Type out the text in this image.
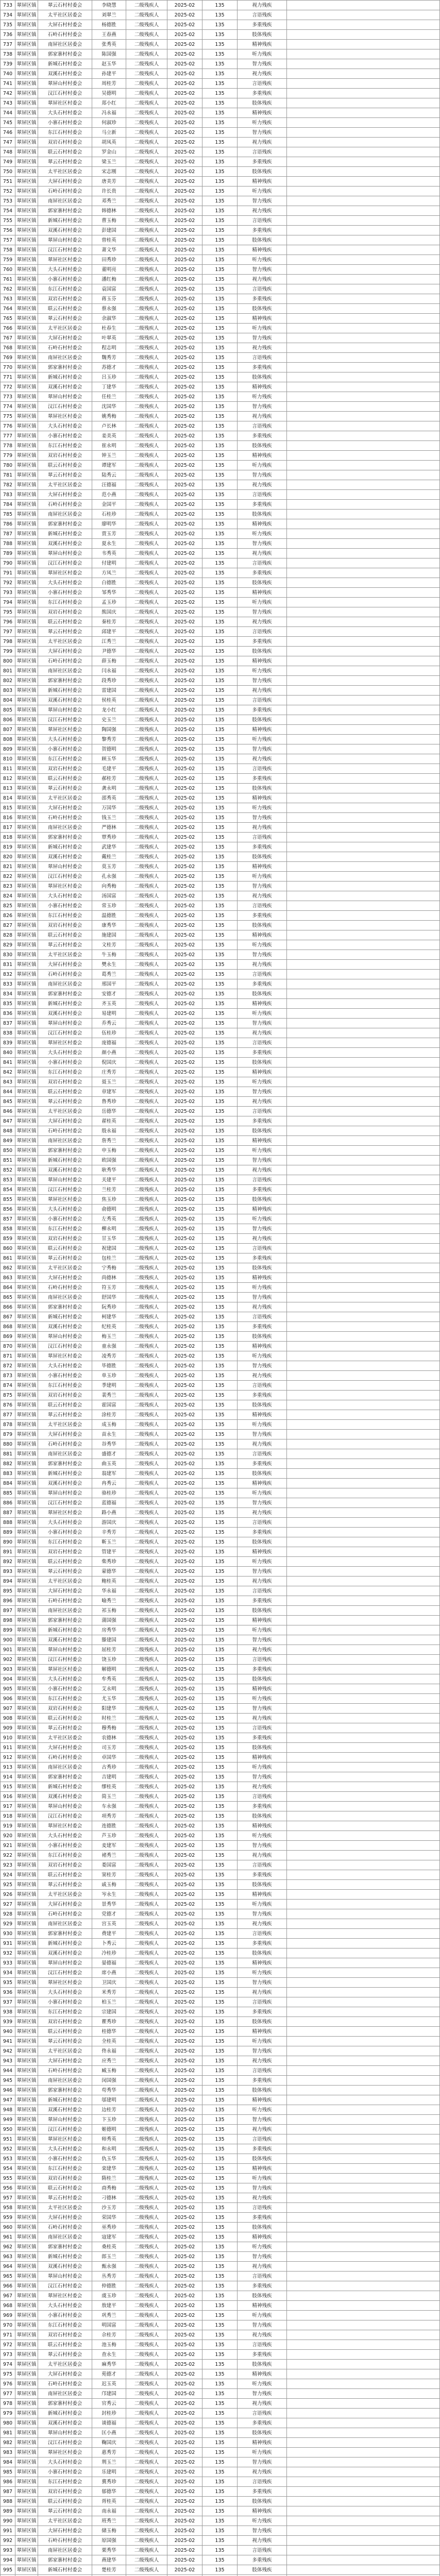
733	翠屏区镇	翠云石村村委会	李晓慧	二级残疾人	2025-02	135	视力残疾	
734	翠屏区镇	太平社区居委会	刘翠兰	二级残疾人	2025-02	135	言语残疾	
735	翠屏区镇	大屏石村村委会	杨德胜	二级残疾人	2025-02	135	多重残疾	
736	翠屏区镇	石岭石村村委会	王春燕	二级残疾人	2025-02	135	肢体残疾	
737	翠屏区镇	南屏社区居委会	张秀英	二级残疾人	2025-02	135	精神残疾	
738	翠屏区镇	郭家寨村村委会	陈国强	二级残疾人	2025-02	135	听力残疾	
739	翠屏区镇	新城石村村委会	赵玉华	二级残疾人	2025-02	135	智力残疾	
740	翠屏区镇	双溪石村村委会	孙建平	二级残疾人	2025-02	135	视力残疾	
741	翠屏区镇	翠屏山村村委会	周桂芳	二级残疾人	2025-02	135	言语残疾	
742	翠屏区镇	汉江石村村委会	吴德明	二级残疾人	2025-02	135	多重残疾	
743	翠屏区镇	翠屏社区村委会	郑小红	二级残疾人	2025-02	135	肢体残疾	
744	翠屏区镇	大头石村村委会	冯永福	二级残疾人	2025-02	135	精神残疾	
745	翠屏区镇	小寨石村村委会	何淑珍	二级残疾人	2025-02	135	听力残疾	
746	翠屏区镇	东江石村村委会	马立新	二级残疾人	2025-02	135	智力残疾	
747	翠屏区镇	双岩石村村委会	胡凤英	二级残疾人	2025-02	135	视力残疾	
748	翠屏区镇	联云石村村委会	罗金山	二级残疾人	2025-02	135	言语残疾	
749	翠屏区镇	翠云石村村委会	梁玉兰	二级残疾人	2025-02	135	多重残疾	
750	翠屏区镇	太平社区居委会	宋志刚	二级残疾人	2025-02	135	肢体残疾	
751	翠屏区镇	大屏石村村委会	唐美芳	二级残疾人	2025-02	135	精神残疾	
752	翠屏区镇	石岭石村村委会	许长贵	二级残疾人	2025-02	135	听力残疾	
753	翠屏区镇	南屏社区居委会	邓秀兰	二级残疾人	2025-02	135	智力残疾	
754	翠屏区镇	郭家寨村村委会	韩德林	二级残疾人	2025-02	135	视力残疾	
755	翠屏区镇	新城石村村委会	曹玉梅	二级残疾人	2025-02	135	言语残疾	
756	翠屏区镇	双溪石村村委会	彭建国	二级残疾人	2025-02	135	多重残疾	
757	翠屏区镇	翠屏山村村委会	曾桂英	二级残疾人	2025-02	135	肢体残疾	
758	翠屏区镇	汉江石村村委会	萧文华	二级残疾人	2025-02	135	精神残疾	
759	翠屏区镇	翠屏社区村委会	田秀珍	二级残疾人	2025-02	135	听力残疾	
760	翠屏区镇	大头石村村委会	董明亮	二级残疾人	2025-02	135	智力残疾	
761	翠屏区镇	小寨石村村委会	潘红梅	二级残疾人	2025-02	135	视力残疾	
762	翠屏区镇	东江石村村委会	袁国富	二级残疾人	2025-02	135	言语残疾	
763	翠屏区镇	双岩石村村委会	蒋玉芬	二级残疾人	2025-02	135	多重残疾	
764	翠屏区镇	联云石村村委会	蔡永强	二级残疾人	2025-02	135	肢体残疾	
765	翠屏区镇	翠云石村村委会	余淑华	二级残疾人	2025-02	135	精神残疾	
766	翠屏区镇	太平社区居委会	杜春生	二级残疾人	2025-02	135	听力残疾	
767	翠屏区镇	大屏石村村委会	叶翠英	二级残疾人	2025-02	135	智力残疾	
768	翠屏区镇	石岭石村村委会	程志明	二级残疾人	2025-02	135	视力残疾	
769	翠屏区镇	南屏社区居委会	魏秀芳	二级残疾人	2025-02	135	言语残疾	
770	翠屏区镇	郭家寨村村委会	苏德才	二级残疾人	2025-02	135	多重残疾	
771	翠屏区镇	新城石村村委会	吕玉珍	二级残疾人	2025-02	135	肢体残疾	
772	翠屏区镇	双溪石村村委会	丁建华	二级残疾人	2025-02	135	精神残疾	
773	翠屏区镇	翠屏山村村委会	任桂兰	二级残疾人	2025-02	135	听力残疾	
774	翠屏区镇	汉江石村村委会	沈国华	二级残疾人	2025-02	135	智力残疾	
775	翠屏区镇	翠屏社区村委会	姚秀梅	二级残疾人	2025-02	135	视力残疾	
776	翠屏区镇	大头石村村委会	卢长林	二级残疾人	2025-02	135	言语残疾	
777	翠屏区镇	小寨石村村委会	姜美英	二级残疾人	2025-02	135	多重残疾	
778	翠屏区镇	东江石村村委会	崔永明	二级残疾人	2025-02	135	肢体残疾	
779	翠屏区镇	双岩石村村委会	钟玉兰	二级残疾人	2025-02	135	精神残疾	
780	翠屏区镇	联云石村村委会	谭建军	二级残疾人	2025-02	135	听力残疾	
781	翠屏区镇	翠云石村村委会	陆秀云	二级残疾人	2025-02	135	智力残疾	
782	翠屏区镇	太平社区居委会	汪德福	二级残疾人	2025-02	135	视力残疾	
783	翠屏区镇	大屏石村村委会	范小燕	二级残疾人	2025-02	135	言语残疾	
784	翠屏区镇	石岭石村村委会	金国平	二级残疾人	2025-02	135	多重残疾	
785	翠屏区镇	南屏社区居委会	石桂珍	二级残疾人	2025-02	135	肢体残疾	
786	翠屏区镇	郭家寨村村委会	廖明华	二级残疾人	2025-02	135	精神残疾	
787	翠屏区镇	新城石村村委会	贾玉芳	二级残疾人	2025-02	135	听力残疾	
788	翠屏区镇	双溪石村村委会	夏永生	二级残疾人	2025-02	135	智力残疾	
789	翠屏区镇	翠屏山村村委会	韦秀英	二级残疾人	2025-02	135	视力残疾	
790	翠屏区镇	汉江石村村委会	付建明	二级残疾人	2025-02	135	言语残疾	
791	翠屏区镇	翠屏社区村委会	方凤兰	二级残疾人	2025-02	135	多重残疾	
792	翠屏区镇	大头石村村委会	白德胜	二级残疾人	2025-02	135	肢体残疾	
793	翠屏区镇	小寨石村村委会	邹秀华	二级残疾人	2025-02	135	精神残疾	
794	翠屏区镇	东江石村村委会	孟玉珍	二级残疾人	2025-02	135	听力残疾	
795	翠屏区镇	双岩石村村委会	熊国庆	二级残疾人	2025-02	135	智力残疾	
796	翠屏区镇	联云石村村委会	秦桂芳	二级残疾人	2025-02	135	视力残疾	
797	翠屏区镇	翠云石村村委会	邱建平	二级残疾人	2025-02	135	言语残疾	
798	翠屏区镇	太平社区居委会	江秀兰	二级残疾人	2025-02	135	多重残疾	
799	翠屏区镇	大屏石村村委会	尹德华	二级残疾人	2025-02	135	肢体残疾	
800	翠屏区镇	石岭石村村委会	薛玉梅	二级残疾人	2025-02	135	精神残疾	
801	翠屏区镇	南屏社区居委会	闫永福	二级残疾人	2025-02	135	听力残疾	
802	翠屏区镇	郭家寨村村委会	段秀珍	二级残疾人	2025-02	135	智力残疾	
803	翠屏区镇	新城石村村委会	雷建国	二级残疾人	2025-02	135	视力残疾	
804	翠屏区镇	双溪石村村委会	侯桂英	二级残疾人	2025-02	135	言语残疾	
805	翠屏区镇	翠屏山村村委会	龙小红	二级残疾人	2025-02	135	多重残疾	
806	翠屏区镇	汉江石村村委会	史玉兰	二级残疾人	2025-02	135	肢体残疾	
807	翠屏区镇	翠屏社区村委会	陶国强	二级残疾人	2025-02	135	精神残疾	
808	翠屏区镇	大头石村村委会	黎秀芳	二级残疾人	2025-02	135	听力残疾	
809	翠屏区镇	小寨石村村委会	贺德明	二级残疾人	2025-02	135	智力残疾	
810	翠屏区镇	东江石村村委会	顾玉华	二级残疾人	2025-02	135	视力残疾	
811	翠屏区镇	双岩石村村委会	毛建平	二级残疾人	2025-02	135	言语残疾	
812	翠屏区镇	联云石村村委会	郝桂芳	二级残疾人	2025-02	135	多重残疾	
813	翠屏区镇	翠云石村村委会	龚永明	二级残疾人	2025-02	135	肢体残疾	
814	翠屏区镇	太平社区居委会	邵秀英	二级残疾人	2025-02	135	精神残疾	
815	翠屏区镇	大屏石村村委会	万国华	二级残疾人	2025-02	135	听力残疾	
816	翠屏区镇	石岭石村村委会	钱玉兰	二级残疾人	2025-02	135	智力残疾	
817	翠屏区镇	南屏社区居委会	严德林	二级残疾人	2025-02	135	视力残疾	
818	翠屏区镇	郭家寨村村委会	覃秀珍	二级残疾人	2025-02	135	言语残疾	
819	翠屏区镇	新城石村村委会	武建华	二级残疾人	2025-02	135	多重残疾	
820	翠屏区镇	双溪石村村委会	戴桂兰	二级残疾人	2025-02	135	肢体残疾	
821	翠屏区镇	翠屏山村村委会	莫玉芳	二级残疾人	2025-02	135	精神残疾	
822	翠屏区镇	汉江石村村委会	孔永强	二级残疾人	2025-02	135	听力残疾	
823	翠屏区镇	翠屏社区村委会	向秀梅	二级残疾人	2025-02	135	智力残疾	
824	翠屏区镇	大头石村村委会	汤国富	二级残疾人	2025-02	135	视力残疾	
825	翠屏区镇	小寨石村村委会	常玉珍	二级残疾人	2025-02	135	言语残疾	
826	翠屏区镇	东江石村村委会	温德胜	二级残疾人	2025-02	135	多重残疾	
827	翠屏区镇	双岩石村村委会	康秀华	二级残疾人	2025-02	135	肢体残疾	
828	翠屏区镇	联云石村村委会	施建国	二级残疾人	2025-02	135	精神残疾	
829	翠屏区镇	翠云石村村委会	文桂芳	二级残疾人	2025-02	135	听力残疾	
830	翠屏区镇	太平社区居委会	牛玉梅	二级残疾人	2025-02	135	智力残疾	
831	翠屏区镇	大屏石村村委会	樊永生	二级残疾人	2025-02	135	视力残疾	
832	翠屏区镇	石岭石村村委会	葛秀兰	二级残疾人	2025-02	135	言语残疾	
833	翠屏区镇	南屏社区居委会	邢国平	二级残疾人	2025-02	135	多重残疾	
834	翠屏区镇	郭家寨村村委会	安德才	二级残疾人	2025-02	135	肢体残疾	
835	翠屏区镇	新城石村村委会	齐玉英	二级残疾人	2025-02	135	精神残疾	
836	翠屏区镇	双溪石村村委会	易建明	二级残疾人	2025-02	135	听力残疾	
837	翠屏区镇	翠屏山村村委会	乔秀云	二级残疾人	2025-02	135	智力残疾	
838	翠屏区镇	汉江石村村委会	伍桂珍	二级残疾人	2025-02	135	视力残疾	
839	翠屏区镇	翠屏社区村委会	庞德福	二级残疾人	2025-02	135	言语残疾	
840	翠屏区镇	大头石村村委会	颜小燕	二级残疾人	2025-02	135	多重残疾	
841	翠屏区镇	小寨石村村委会	倪国庆	二级残疾人	2025-02	135	肢体残疾	
842	翠屏区镇	东江石村村委会	庄秀芳	二级残疾人	2025-02	135	精神残疾	
843	翠屏区镇	双岩石村村委会	聂玉兰	二级残疾人	2025-02	135	听力残疾	
844	翠屏区镇	联云石村村委会	章建军	二级残疾人	2025-02	135	智力残疾	
845	翠屏区镇	翠云石村村委会	鲁秀珍	二级残疾人	2025-02	135	视力残疾	
846	翠屏区镇	太平社区居委会	岳德华	二级残疾人	2025-02	135	言语残疾	
847	翠屏区镇	大屏石村村委会	翟桂英	二级残疾人	2025-02	135	多重残疾	
848	翠屏区镇	石岭石村村委会	殷永福	二级残疾人	2025-02	135	肢体残疾	
849	翠屏区镇	南屏社区居委会	詹秀兰	二级残疾人	2025-02	135	精神残疾	
850	翠屏区镇	郭家寨村村委会	申玉梅	二级残疾人	2025-02	135	听力残疾	
851	翠屏区镇	新城石村村委会	欧国强	二级残疾人	2025-02	135	智力残疾	
852	翠屏区镇	双溪石村村委会	耿秀华	二级残疾人	2025-02	135	视力残疾	
853	翠屏区镇	翠屏山村村委会	关建平	二级残疾人	2025-02	135	言语残疾	
854	翠屏区镇	汉江石村村委会	兰桂芳	二级残疾人	2025-02	135	多重残疾	
855	翠屏区镇	翠屏社区村委会	焦玉珍	二级残疾人	2025-02	135	肢体残疾	
856	翠屏区镇	大头石村村委会	俞德明	二级残疾人	2025-02	135	精神残疾	
857	翠屏区镇	小寨石村村委会	左秀英	二级残疾人	2025-02	135	听力残疾	
858	翠屏区镇	东江石村村委会	柳永明	二级残疾人	2025-02	135	智力残疾	
859	翠屏区镇	双岩石村村委会	甘玉华	二级残疾人	2025-02	135	视力残疾	
860	翠屏区镇	联云石村村委会	祝建国	二级残疾人	2025-02	135	言语残疾	
861	翠屏区镇	翠云石村村委会	包桂兰	二级残疾人	2025-02	135	多重残疾	
862	翠屏区镇	太平社区居委会	宁秀梅	二级残疾人	2025-02	135	肢体残疾	
863	翠屏区镇	大屏石村村委会	尚德林	二级残疾人	2025-02	135	精神残疾	
864	翠屏区镇	石岭石村村委会	符玉芳	二级残疾人	2025-02	135	听力残疾	
865	翠屏区镇	南屏社区居委会	舒国华	二级残疾人	2025-02	135	智力残疾	
866	翠屏区镇	郭家寨村村委会	阮秀珍	二级残疾人	2025-02	135	视力残疾	
867	翠屏区镇	新城石村村委会	柯建华	二级残疾人	2025-02	135	言语残疾	
868	翠屏区镇	双溪石村村委会	纪桂英	二级残疾人	2025-02	135	多重残疾	
869	翠屏区镇	翠屏山村村委会	梅玉兰	二级残疾人	2025-02	135	肢体残疾	
870	翠屏区镇	汉江石村村委会	童永强	二级残疾人	2025-02	135	精神残疾	
871	翠屏区镇	翠屏社区村委会	凌秀芳	二级残疾人	2025-02	135	听力残疾	
872	翠屏区镇	大头石村村委会	毕德胜	二级残疾人	2025-02	135	智力残疾	
873	翠屏区镇	小寨石村村委会	单玉珍	二级残疾人	2025-02	135	视力残疾	
874	翠屏区镇	东江石村村委会	季建明	二级残疾人	2025-02	135	言语残疾	
875	翠屏区镇	双岩石村村委会	裴秀兰	二级残疾人	2025-02	135	多重残疾	
876	翠屏区镇	联云石村村委会	霍国富	二级残疾人	2025-02	135	肢体残疾	
877	翠屏区镇	翠云石村村委会	涂桂芳	二级残疾人	2025-02	135	精神残疾	
878	翠屏区镇	太平社区居委会	成玉梅	二级残疾人	2025-02	135	听力残疾	
879	翠屏区镇	大屏石村村委会	苗永生	二级残疾人	2025-02	135	智力残疾	
880	翠屏区镇	石岭石村村委会	谷秀华	二级残疾人	2025-02	135	视力残疾	
881	翠屏区镇	南屏社区居委会	盛德才	二级残疾人	2025-02	135	言语残疾	
882	翠屏区镇	郭家寨村村委会	曲玉英	二级残疾人	2025-02	135	多重残疾	
883	翠屏区镇	新城石村村委会	翁建军	二级残疾人	2025-02	135	肢体残疾	
884	翠屏区镇	双溪石村村委会	冉秀云	二级残疾人	2025-02	135	精神残疾	
885	翠屏区镇	翠屏山村村委会	骆桂珍	二级残疾人	2025-02	135	听力残疾	
886	翠屏区镇	汉江石村村委会	蓝德福	二级残疾人	2025-02	135	智力残疾	
887	翠屏区镇	翠屏社区村委会	路小燕	二级残疾人	2025-02	135	视力残疾	
888	翠屏区镇	大头石村村委会	游国庆	二级残疾人	2025-02	135	言语残疾	
889	翠屏区镇	小寨石村村委会	辛秀芳	二级残疾人	2025-02	135	多重残疾	
890	翠屏区镇	东江石村村委会	靳玉兰	二级残疾人	2025-02	135	肢体残疾	
891	翠屏区镇	双岩石村村委会	管建平	二级残疾人	2025-02	135	精神残疾	
892	翠屏区镇	联云石村村委会	柴秀珍	二级残疾人	2025-02	135	听力残疾	
893	翠屏区镇	翠云石村村委会	蒙德华	二级残疾人	2025-02	135	智力残疾	
894	翠屏区镇	太平社区居委会	鲍桂英	二级残疾人	2025-02	135	视力残疾	
895	翠屏区镇	大屏石村村委会	华永福	二级残疾人	2025-02	135	言语残疾	
896	翠屏区镇	石岭石村村委会	喻秀兰	二级残疾人	2025-02	135	多重残疾	
897	翠屏区镇	南屏社区居委会	祁玉梅	二级残疾人	2025-02	135	肢体残疾	
898	翠屏区镇	郭家寨村村委会	蒲国强	二级残疾人	2025-02	135	精神残疾	
899	翠屏区镇	新城石村村委会	房秀华	二级残疾人	2025-02	135	听力残疾	
900	翠屏区镇	双溪石村村委会	滕建国	二级残疾人	2025-02	135	智力残疾	
901	翠屏区镇	翠屏山村村委会	屈桂芳	二级残疾人	2025-02	135	视力残疾	
902	翠屏区镇	汉江石村村委会	饶玉珍	二级残疾人	2025-02	135	言语残疾	
903	翠屏区镇	翠屏社区村委会	解德明	二级残疾人	2025-02	135	多重残疾	
904	翠屏区镇	大头石村村委会	牟秀英	二级残疾人	2025-02	135	肢体残疾	
905	翠屏区镇	小寨石村村委会	艾永明	二级残疾人	2025-02	135	精神残疾	
906	翠屏区镇	东江石村村委会	尤玉华	二级残疾人	2025-02	135	听力残疾	
907	翠屏区镇	双岩石村村委会	阳建华	二级残疾人	2025-02	135	智力残疾	
908	翠屏区镇	联云石村村委会	时桂兰	二级残疾人	2025-02	135	视力残疾	
909	翠屏区镇	翠云石村村委会	穆秀梅	二级残疾人	2025-02	135	言语残疾	
910	翠屏区镇	太平社区居委会	农德林	二级残疾人	2025-02	135	多重残疾	
911	翠屏区镇	大屏石村村委会	司玉芳	二级残疾人	2025-02	135	肢体残疾	
912	翠屏区镇	石岭石村村委会	卓国华	二级残疾人	2025-02	135	精神残疾	
913	翠屏区镇	南屏社区居委会	古秀珍	二级残疾人	2025-02	135	听力残疾	
914	翠屏区镇	郭家寨村村委会	吉建明	二级残疾人	2025-02	135	智力残疾	
915	翠屏区镇	新城石村村委会	缪桂英	二级残疾人	2025-02	135	视力残疾	
916	翠屏区镇	双溪石村村委会	简玉兰	二级残疾人	2025-02	135	言语残疾	
917	翠屏区镇	翠屏山村村委会	车永强	二级残疾人	2025-02	135	多重残疾	
918	翠屏区镇	汉江石村村委会	项秀芳	二级残疾人	2025-02	135	肢体残疾	
919	翠屏区镇	翠屏社区村委会	连德胜	二级残疾人	2025-02	135	精神残疾	
920	翠屏区镇	大头石村村委会	芦玉珍	二级残疾人	2025-02	135	听力残疾	
921	翠屏区镇	小寨石村村委会	麦建军	二级残疾人	2025-02	135	智力残疾	
922	翠屏区镇	东江石村村委会	褚秀兰	二级残疾人	2025-02	135	视力残疾	
923	翠屏区镇	双岩石村村委会	娄国富	二级残疾人	2025-02	135	言语残疾	
924	翠屏区镇	联云石村村委会	窦桂芳	二级残疾人	2025-02	135	多重残疾	
925	翠屏区镇	翠云石村村委会	戚玉梅	二级残疾人	2025-02	135	肢体残疾	
926	翠屏区镇	太平社区居委会	岑永生	二级残疾人	2025-02	135	精神残疾	
927	翠屏区镇	大屏石村村委会	景秀华	二级残疾人	2025-02	135	听力残疾	
928	翠屏区镇	石岭石村村委会	党德才	二级残疾人	2025-02	135	智力残疾	
929	翠屏区镇	南屏社区居委会	宫玉英	二级残疾人	2025-02	135	视力残疾	
930	翠屏区镇	郭家寨村村委会	费建平	二级残疾人	2025-02	135	言语残疾	
931	翠屏区镇	新城石村村委会	卜秀云	二级残疾人	2025-02	135	多重残疾	
932	翠屏区镇	双溪石村村委会	冷桂珍	二级残疾人	2025-02	135	肢体残疾	
933	翠屏区镇	翠屏山村村委会	晏德福	二级残疾人	2025-02	135	精神残疾	
934	翠屏区镇	汉江石村村委会	席小燕	二级残疾人	2025-02	135	听力残疾	
935	翠屏区镇	翠屏社区村委会	卫国庆	二级残疾人	2025-02	135	智力残疾	
936	翠屏区镇	大头石村村委会	米秀芳	二级残疾人	2025-02	135	视力残疾	
937	翠屏区镇	小寨石村村委会	柏玉兰	二级残疾人	2025-02	135	言语残疾	
938	翠屏区镇	东江石村村委会	宗建国	二级残疾人	2025-02	135	多重残疾	
939	翠屏区镇	双岩石村村委会	瞿秀珍	二级残疾人	2025-02	135	肢体残疾	
940	翠屏区镇	联云石村村委会	桂德华	二级残疾人	2025-02	135	精神残疾	
941	翠屏区镇	翠云石村村委会	全桂英	二级残疾人	2025-02	135	听力残疾	
942	翠屏区镇	太平社区居委会	佟永福	二级残疾人	2025-02	135	智力残疾	
943	翠屏区镇	大屏石村村委会	应秀兰	二级残疾人	2025-02	135	视力残疾	
944	翠屏区镇	石岭石村村委会	臧玉梅	二级残疾人	2025-02	135	言语残疾	
945	翠屏区镇	南屏社区居委会	闵国强	二级残疾人	2025-02	135	多重残疾	
946	翠屏区镇	郭家寨村村委会	苟秀华	二级残疾人	2025-02	135	肢体残疾	
947	翠屏区镇	新城石村村委会	邬建明	二级残疾人	2025-02	135	精神残疾	
948	翠屏区镇	双溪石村村委会	边桂芳	二级残疾人	2025-02	135	听力残疾	
949	翠屏区镇	翠屏山村村委会	卞玉珍	二级残疾人	2025-02	135	智力残疾	
950	翠屏区镇	汉江石村村委会	姬德明	二级残疾人	2025-02	135	视力残疾	
951	翠屏区镇	翠屏社区村委会	师秀英	二级残疾人	2025-02	135	言语残疾	
952	翠屏区镇	大头石村村委会	和永明	二级残疾人	2025-02	135	多重残疾	
953	翠屏区镇	小寨石村村委会	仇玉华	二级残疾人	2025-02	135	肢体残疾	
954	翠屏区镇	东江石村村委会	栾建华	二级残疾人	2025-02	135	精神残疾	
955	翠屏区镇	双岩石村村委会	隋桂兰	二级残疾人	2025-02	135	听力残疾	
956	翠屏区镇	联云石村村委会	商秀梅	二级残疾人	2025-02	135	智力残疾	
957	翠屏区镇	翠云石村村委会	刁德林	二级残疾人	2025-02	135	视力残疾	
958	翠屏区镇	太平社区居委会	沙玉芳	二级残疾人	2025-02	135	言语残疾	
959	翠屏区镇	大屏石村村委会	荣国华	二级残疾人	2025-02	135	多重残疾	
960	翠屏区镇	石岭石村村委会	巫秀珍	二级残疾人	2025-02	135	肢体残疾	
961	翠屏区镇	南屏社区居委会	寇建军	二级残疾人	2025-02	135	精神残疾	
962	翠屏区镇	郭家寨村村委会	桑桂英	二级残疾人	2025-02	135	听力残疾	
963	翠屏区镇	新城石村村委会	郎玉兰	二级残疾人	2025-02	135	智力残疾	
964	翠屏区镇	双溪石村村委会	甄永强	二级残疾人	2025-02	135	视力残疾	
965	翠屏区镇	翠屏山村村委会	丛秀芳	二级残疾人	2025-02	135	言语残疾	
966	翠屏区镇	汉江石村村委会	仲德胜	二级残疾人	2025-02	135	多重残疾	
967	翠屏区镇	翠屏社区村委会	虞玉珍	二级残疾人	2025-02	135	肢体残疾	
968	翠屏区镇	大头石村村委会	敖建平	二级残疾人	2025-02	135	精神残疾	
969	翠屏区镇	小寨石村村委会	巩秀兰	二级残疾人	2025-02	135	听力残疾	
970	翠屏区镇	东江石村村委会	明国富	二级残疾人	2025-02	135	智力残疾	
971	翠屏区镇	双岩石村村委会	佘桂芳	二级残疾人	2025-02	135	视力残疾	
972	翠屏区镇	联云石村村委会	池玉梅	二级残疾人	2025-02	135	言语残疾	
973	翠屏区镇	翠云石村村委会	查永生	二级残疾人	2025-02	135	多重残疾	
974	翠屏区镇	太平社区居委会	麻秀华	二级残疾人	2025-02	135	肢体残疾	
975	翠屏区镇	大屏石村村委会	苑德才	二级残疾人	2025-02	135	精神残疾	
976	翠屏区镇	石岭石村村委会	迟玉英	二级残疾人	2025-02	135	听力残疾	
977	翠屏区镇	南屏社区居委会	邝建国	二级残疾人	2025-02	135	智力残疾	
978	翠屏区镇	郭家寨村村委会	官秀云	二级残疾人	2025-02	135	视力残疾	
979	翠屏区镇	新城石村村委会	封桂珍	二级残疾人	2025-02	135	言语残疾	
980	翠屏区镇	双溪石村村委会	谈德福	二级残疾人	2025-02	135	多重残疾	
981	翠屏区镇	翠屏山村村委会	匡小燕	二级残疾人	2025-02	135	肢体残疾	
982	翠屏区镇	汉江石村村委会	鞠国庆	二级残疾人	2025-02	135	精神残疾	
983	翠屏区镇	翠屏社区村委会	惠秀芳	二级残疾人	2025-02	135	听力残疾	
984	翠屏区镇	大头石村村委会	荆玉兰	二级残疾人	2025-02	135	智力残疾	
985	翠屏区镇	小寨石村村委会	乐建明	二级残疾人	2025-02	135	视力残疾	
986	翠屏区镇	东江石村村委会	冀秀珍	二级残疾人	2025-02	135	言语残疾	
987	翠屏区镇	双岩石村村委会	郁德华	二级残疾人	2025-02	135	多重残疾	
988	翠屏区镇	联云石村村委会	胥桂英	二级残疾人	2025-02	135	肢体残疾	
989	翠屏区镇	翠云石村村委会	南永福	二级残疾人	2025-02	135	精神残疾	
990	翠屏区镇	太平社区居委会	班秀兰	二级残疾人	2025-02	135	听力残疾	
991	翠屏区镇	大屏石村村委会	储玉梅	二级残疾人	2025-02	135	智力残疾	
992	翠屏区镇	石岭石村村委会	原国强	二级残疾人	2025-02	135	视力残疾	
993	翠屏区镇	南屏社区居委会	栗秀华	二级残疾人	2025-02	135	言语残疾	
994	翠屏区镇	郭家寨村村委会	燕建华	二级残疾人	2025-02	135	多重残疾	
995	翠屏区镇	新城石村村委会	楚桂芳	二级残疾人	2025-02	135	肢体残疾	
